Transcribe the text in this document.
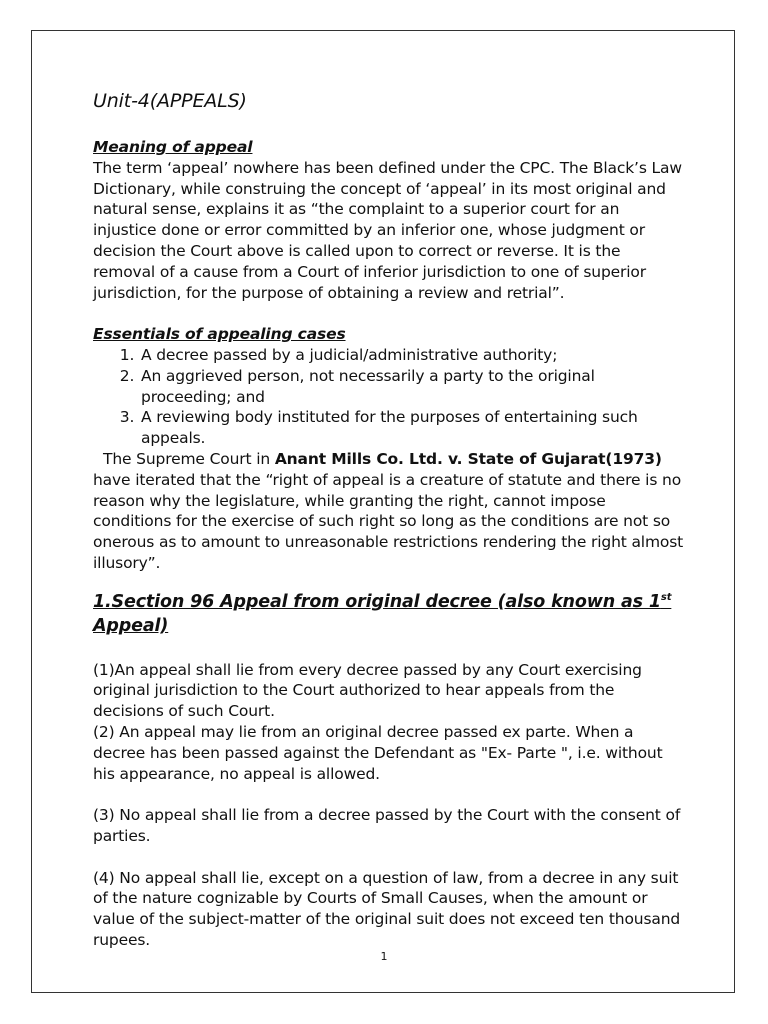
Unit-4(APPEALS)

Meaning of appeal

The term ‘appeal’ nowhere has been defined under the CPC. The Black’s Law Dictionary, while construing the concept of ‘appeal’ in its most original and natural sense, explains it as “the complaint to a superior court for an injustice done or error committed by an inferior one, whose judgment or decision the Court above is called upon to correct or reverse. It is the removal of a cause from a Court of inferior jurisdiction to one of superior jurisdiction, for the purpose of obtaining a review and retrial”.

Essentials of appealing cases

1. A decree passed by a judicial/administrative authority;
2. An aggrieved person, not necessarily a party to the original proceeding; and
3. A reviewing body instituted for the purposes of entertaining such appeals.

The Supreme Court in Anant Mills Co. Ltd. v. State of Gujarat(1973) have iterated that the “right of appeal is a creature of statute and there is no reason why the legislature, while granting the right, cannot impose conditions for the exercise of such right so long as the conditions are not so onerous as to amount to unreasonable restrictions rendering the right almost illusory”.

1.Section 96 Appeal from original decree (also known as 1st Appeal)

(1)An appeal shall lie from every decree passed by any Court exercising original jurisdiction to the Court authorized to hear appeals from the decisions of such Court.

(2) An appeal may lie from an original decree passed ex parte. When a decree has been passed against the Defendant as "Ex- Parte ", i.e. without his appearance, no appeal is allowed.

(3) No appeal shall lie from a decree passed by the Court with the consent of parties.

(4) No appeal shall lie, except on a question of law, from a decree in any suit of the nature cognizable by Courts of Small Causes, when the amount or value of the subject-matter of the original suit does not exceed ten thousand rupees.

1
